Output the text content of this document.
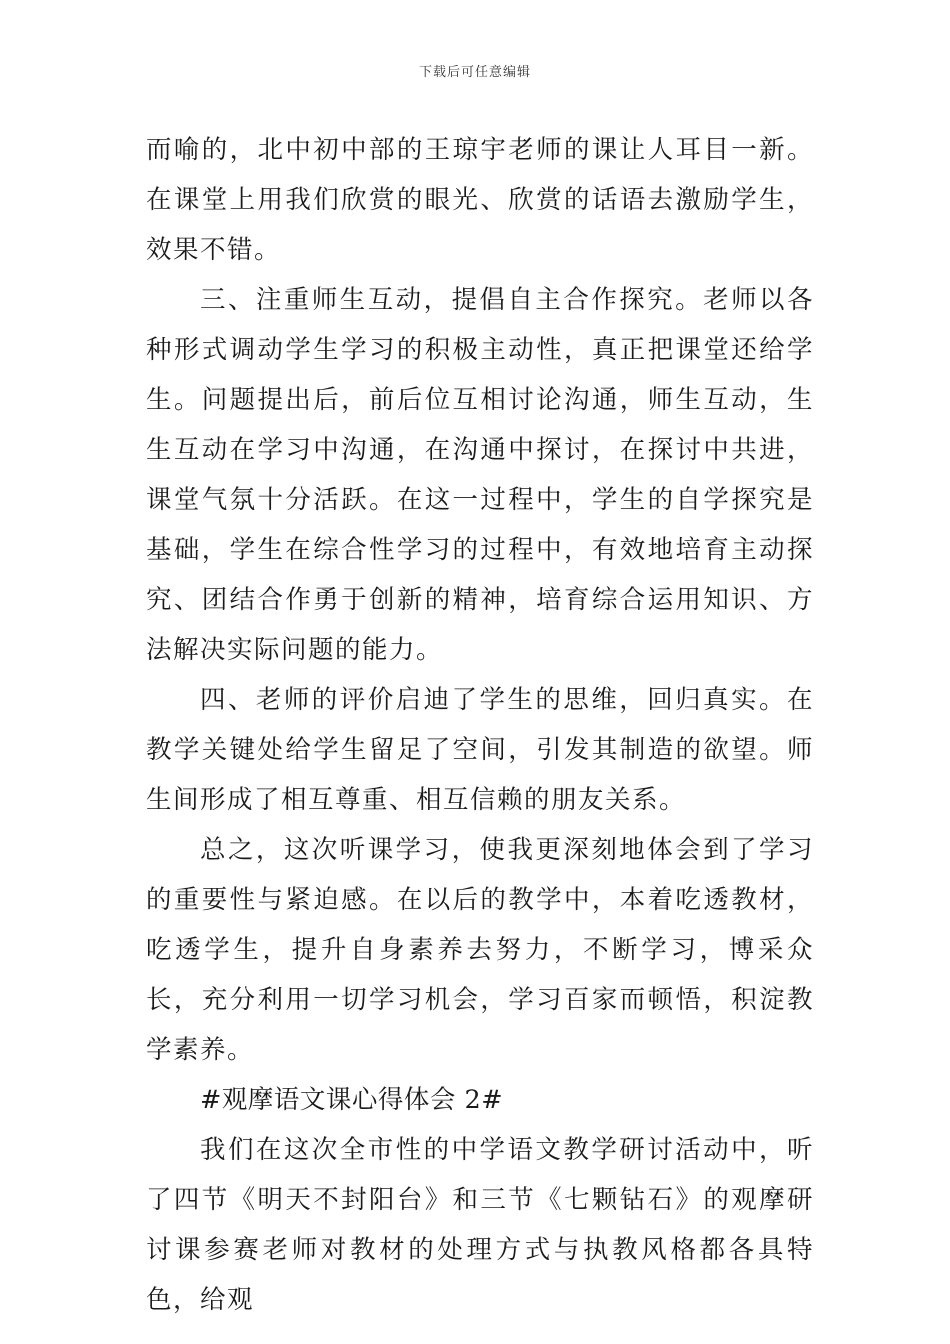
下载后可任意编辑

而喻的，北中初中部的王琼宇老师的课让人耳目一新。在课堂上用我们欣赏的眼光、欣赏的话语去激励学生，效果不错。

三、注重师生互动，提倡自主合作探究。老师以各种形式调动学生学习的积极主动性，真正把课堂还给学生。问题提出后，前后位互相讨论沟通，师生互动，生生互动在学习中沟通，在沟通中探讨，在探讨中共进，课堂气氛十分活跃。在这一过程中，学生的自学探究是基础，学生在综合性学习的过程中，有效地培育主动探究、团结合作勇于创新的精神，培育综合运用知识、方法解决实际问题的能力。

四、老师的评价启迪了学生的思维，回归真实。在教学关键处给学生留足了空间，引发其制造的欲望。师生间形成了相互尊重、相互信赖的朋友关系。

总之，这次听课学习，使我更深刻地体会到了学习的重要性与紧迫感。在以后的教学中，本着吃透教材，吃透学生，提升自身素养去努力，不断学习，博采众长，充分利用一切学习机会，学习百家而顿悟，积淀教学素养。

#观摩语文课心得体会 2#

我们在这次全市性的中学语文教学研讨活动中，听了四节《明天不封阳台》和三节《七颗钻石》的观摩研讨课参赛老师对教材的处理方式与执教风格都各具特色，给观
